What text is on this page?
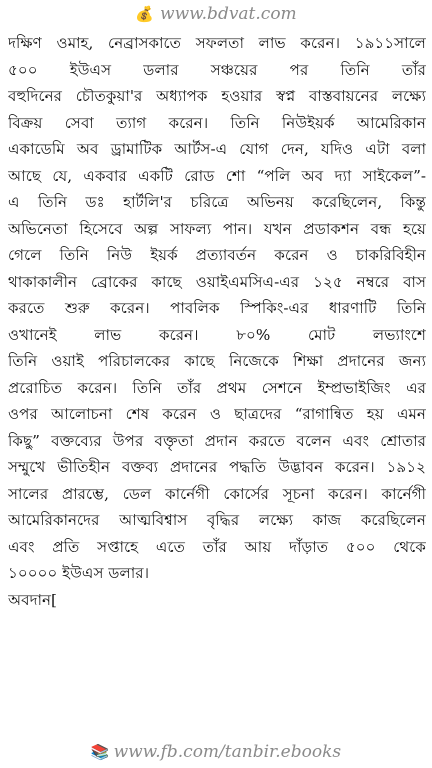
💰 www.bdvat.com
দক্ষিণ ওমাহ, নেব্রাসকাতে সফলতা লাভ করেন। ১৯১১সালে
৫০০ ইউএস ডলার সঞ্চয়ের পর তিনি তাঁর
বহুদিনের চৌতকুয়া'র অধ্যাপক হওয়ার স্বপ্ন বাস্তবায়নের লক্ষ্যে
বিক্রয় সেবা ত্যাগ করেন। তিনি নিউইয়র্ক আমেরিকান
একাডেমি অব ড্রামাটিক আর্টস-এ যোগ দেন, যদিও এটা বলা
আছে যে, একবার একটি রোড শো “পলি অব দ্যা সাইকেল”-
এ তিনি ডঃ হার্টলি'র চরিত্রে অভিনয় করেছিলেন, কিন্তু
অভিনেতা হিসেবে অল্প সাফল্য পান। যখন প্রডাকশন বন্ধ হয়ে
গেলে তিনি নিউ ইয়র্ক প্রত্যাবর্তন করেন ও চাকরিবিহীন
থাকাকালীন ব্রোকের কাছে ওয়াইএমসিএ-এর ১২৫ নম্বরে বাস
করতে শুরু করেন। পাবলিক স্পিকিং-এর ধারণাটি তিনি
ওখানেই লাভ করেন। ৮০% মোট লভ্যাংশে
তিনি ওয়াই পরিচালকের কাছে নিজেকে শিক্ষা প্রদানের জন্য
প্ররোচিত করেন। তিনি তাঁর প্রথম সেশনে ইম্প্রভাইজিং এর
ওপর আলোচনা শেষ করেন ও ছাত্রদের “রাগান্বিত হয় এমন
কিছু” বক্তব্যের উপর বক্তৃতা প্রদান করতে বলেন এবং শ্রোতার
সম্মুখে ভীতিহীন বক্তব্য প্রদানের পদ্ধতি উদ্ভাবন করেন। ১৯১২
সালের প্রারম্ভে, ডেল কার্নেগী কোর্সের সূচনা করেন। কার্নেগী
আমেরিকানদের আত্মবিশ্বাস বৃদ্ধির লক্ষ্যে কাজ করেছিলেন
এবং প্রতি সপ্তাহে এতে তাঁর আয় দাঁড়াত ৫০০ থেকে
১০০০০ ইউএস ডলার।
অবদান[
📚 www.fb.com/tanbir.ebooks
